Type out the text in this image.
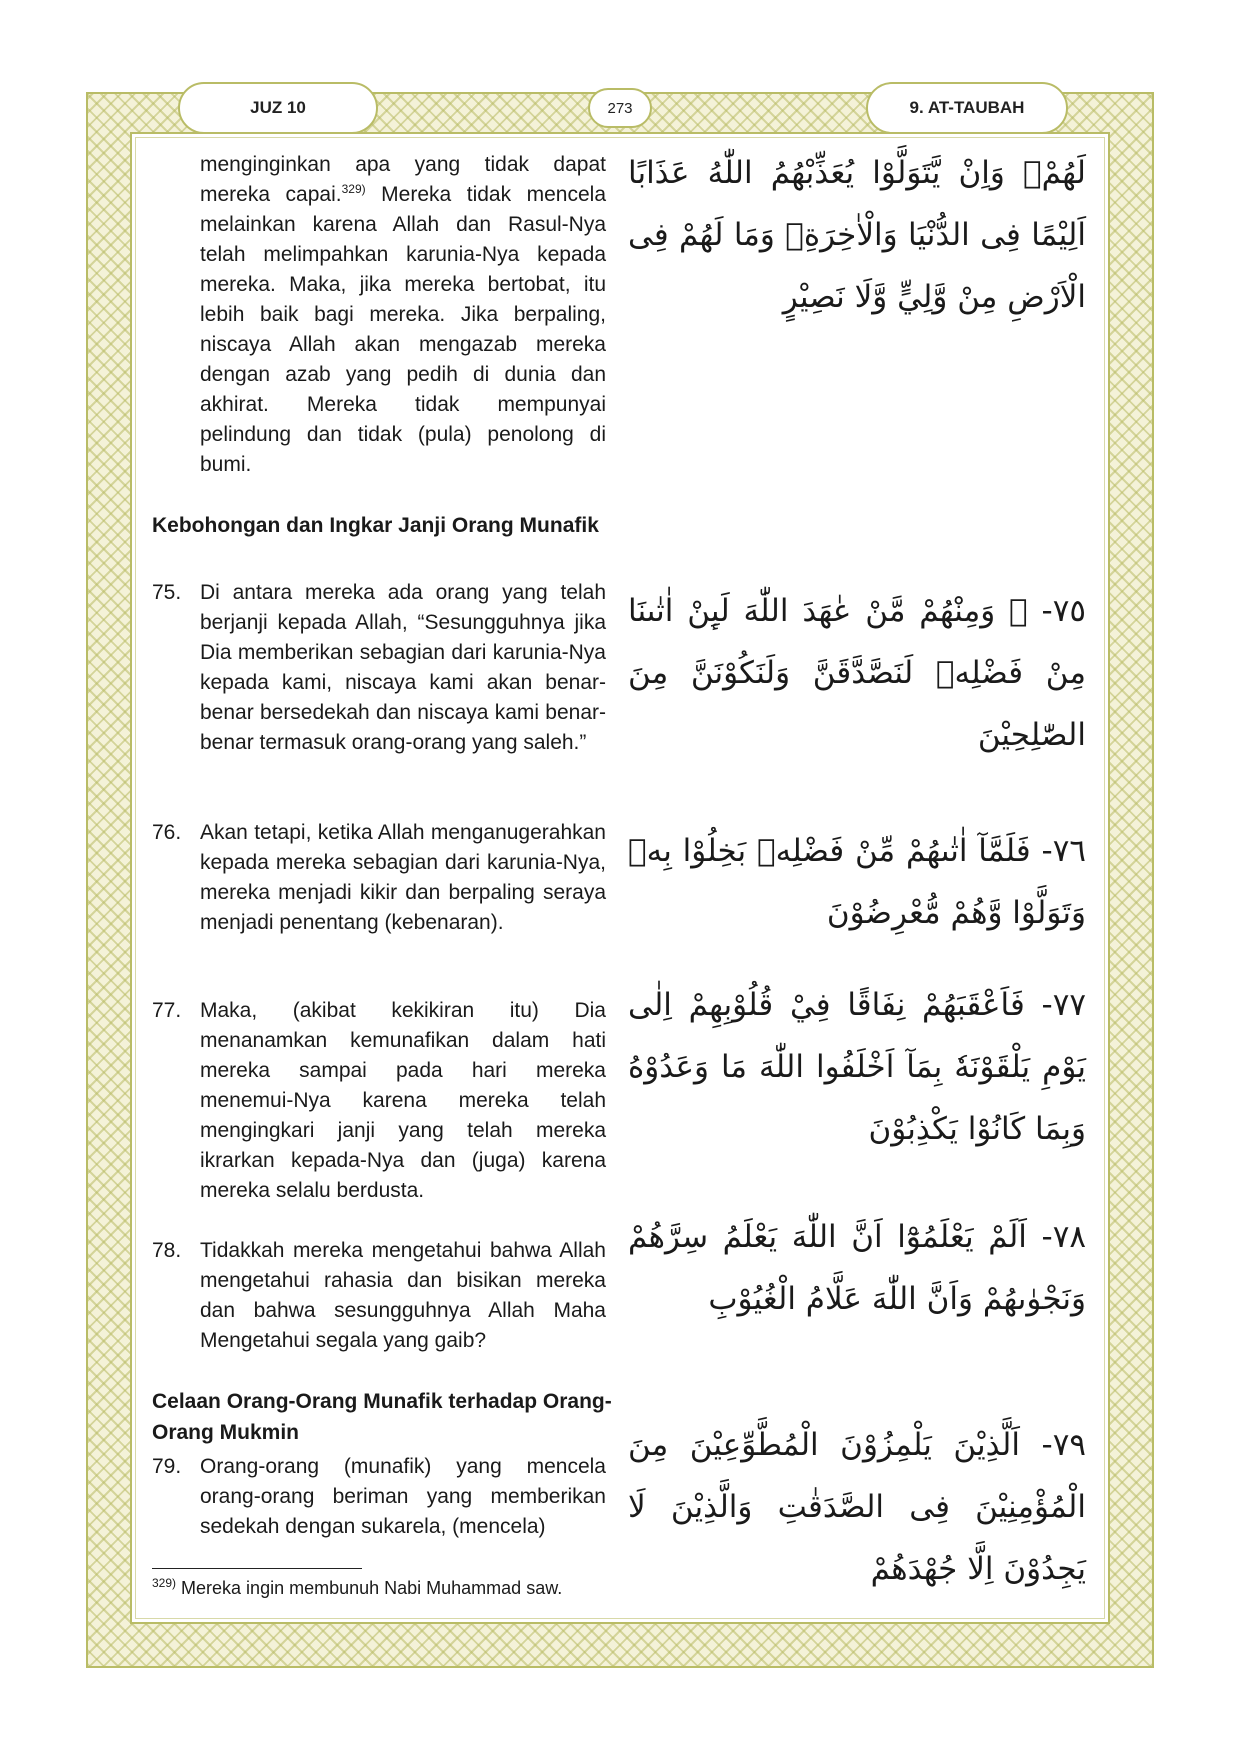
JUZ 10	273	9. AT-TAUBAH

لَهُمْۚ وَاِنْ يَّتَوَلَّوْا يُعَذِّبْهُمُ اللّٰهُ عَذَابًا اَلِيْمًا فِى الدُّنْيَا وَالْاٰخِرَةِۚ وَمَا لَهُمْ فِى الْاَرْضِ مِنْ وَّلِيٍّ وَّلَا نَصِيْرٍ

menginginkan apa yang tidak dapat mereka capai.$^{329)}$ Mereka tidak mencela melainkan karena Allah dan Rasul-Nya telah melimpahkan karunia-Nya kepada mereka. Maka, jika mereka bertobat, itu lebih baik bagi mereka. Jika berpaling, niscaya Allah akan mengazab mereka dengan azab yang pedih di dunia dan akhirat. Mereka tidak mempunyai pelindung dan tidak (pula) penolong di bumi.

Kebohongan dan Ingkar Janji Orang Munafik

٧٥- ۞ وَمِنْهُمْ مَّنْ عٰهَدَ اللّٰهَ لَىِٕنْ اٰتٰىنَا مِنْ فَضْلِهٖ لَنَصَّدَّقَنَّ وَلَنَكُوْنَنَّ مِنَ الصّٰلِحِيْنَ

75. Di antara mereka ada orang yang telah berjanji kepada Allah, “Sesungguhnya jika Dia memberikan sebagian dari karunia-Nya kepada kami, niscaya kami akan benar-benar bersedekah dan niscaya kami benar-benar termasuk orang-orang yang saleh.”

٧٦- فَلَمَّآ اٰتٰىهُمْ مِّنْ فَضْلِهٖ بَخِلُوْا بِهٖ وَتَوَلَّوْا وَّهُمْ مُّعْرِضُوْنَ

76. Akan tetapi, ketika Allah menganugerahkan kepada mereka sebagian dari karunia-Nya, mereka menjadi kikir dan berpaling seraya menjadi penentang (kebenaran).

٧٧- فَاَعْقَبَهُمْ نِفَاقًا فِيْ قُلُوْبِهِمْ اِلٰى يَوْمِ يَلْقَوْنَهٗ بِمَآ اَخْلَفُوا اللّٰهَ مَا وَعَدُوْهُ وَبِمَا كَانُوْا يَكْذِبُوْنَ

77. Maka, (akibat kekikiran itu) Dia menanamkan kemunafikan dalam hati mereka sampai pada hari mereka menemui-Nya karena mereka telah mengingkari janji yang telah mereka ikrarkan kepada-Nya dan (juga) karena mereka selalu berdusta.

٧٨- اَلَمْ يَعْلَمُوْٓا اَنَّ اللّٰهَ يَعْلَمُ سِرَّهُمْ وَنَجْوٰىهُمْ وَاَنَّ اللّٰهَ عَلَّامُ الْغُيُوْبِ

78. Tidakkah mereka mengetahui bahwa Allah mengetahui rahasia dan bisikan mereka dan bahwa sesungguhnya Allah Maha Mengetahui segala yang gaib?

Celaan Orang-Orang Munafik terhadap Orang-Orang Mukmin	٧٩- اَلَّذِيْنَ يَلْمِزُوْنَ الْمُطَّوِّعِيْنَ مِنَ الْمُؤْمِنِيْنَ فِى الصَّدَقٰتِ وَالَّذِيْنَ لَا يَجِدُوْنَ اِلَّا جُهْدَهُمْ

79. Orang-orang (munafik) yang mencela orang-orang beriman yang memberikan sedekah dengan sukarela, (mencela)

$^{329)}$ Mereka ingin membunuh Nabi Muhammad saw.
